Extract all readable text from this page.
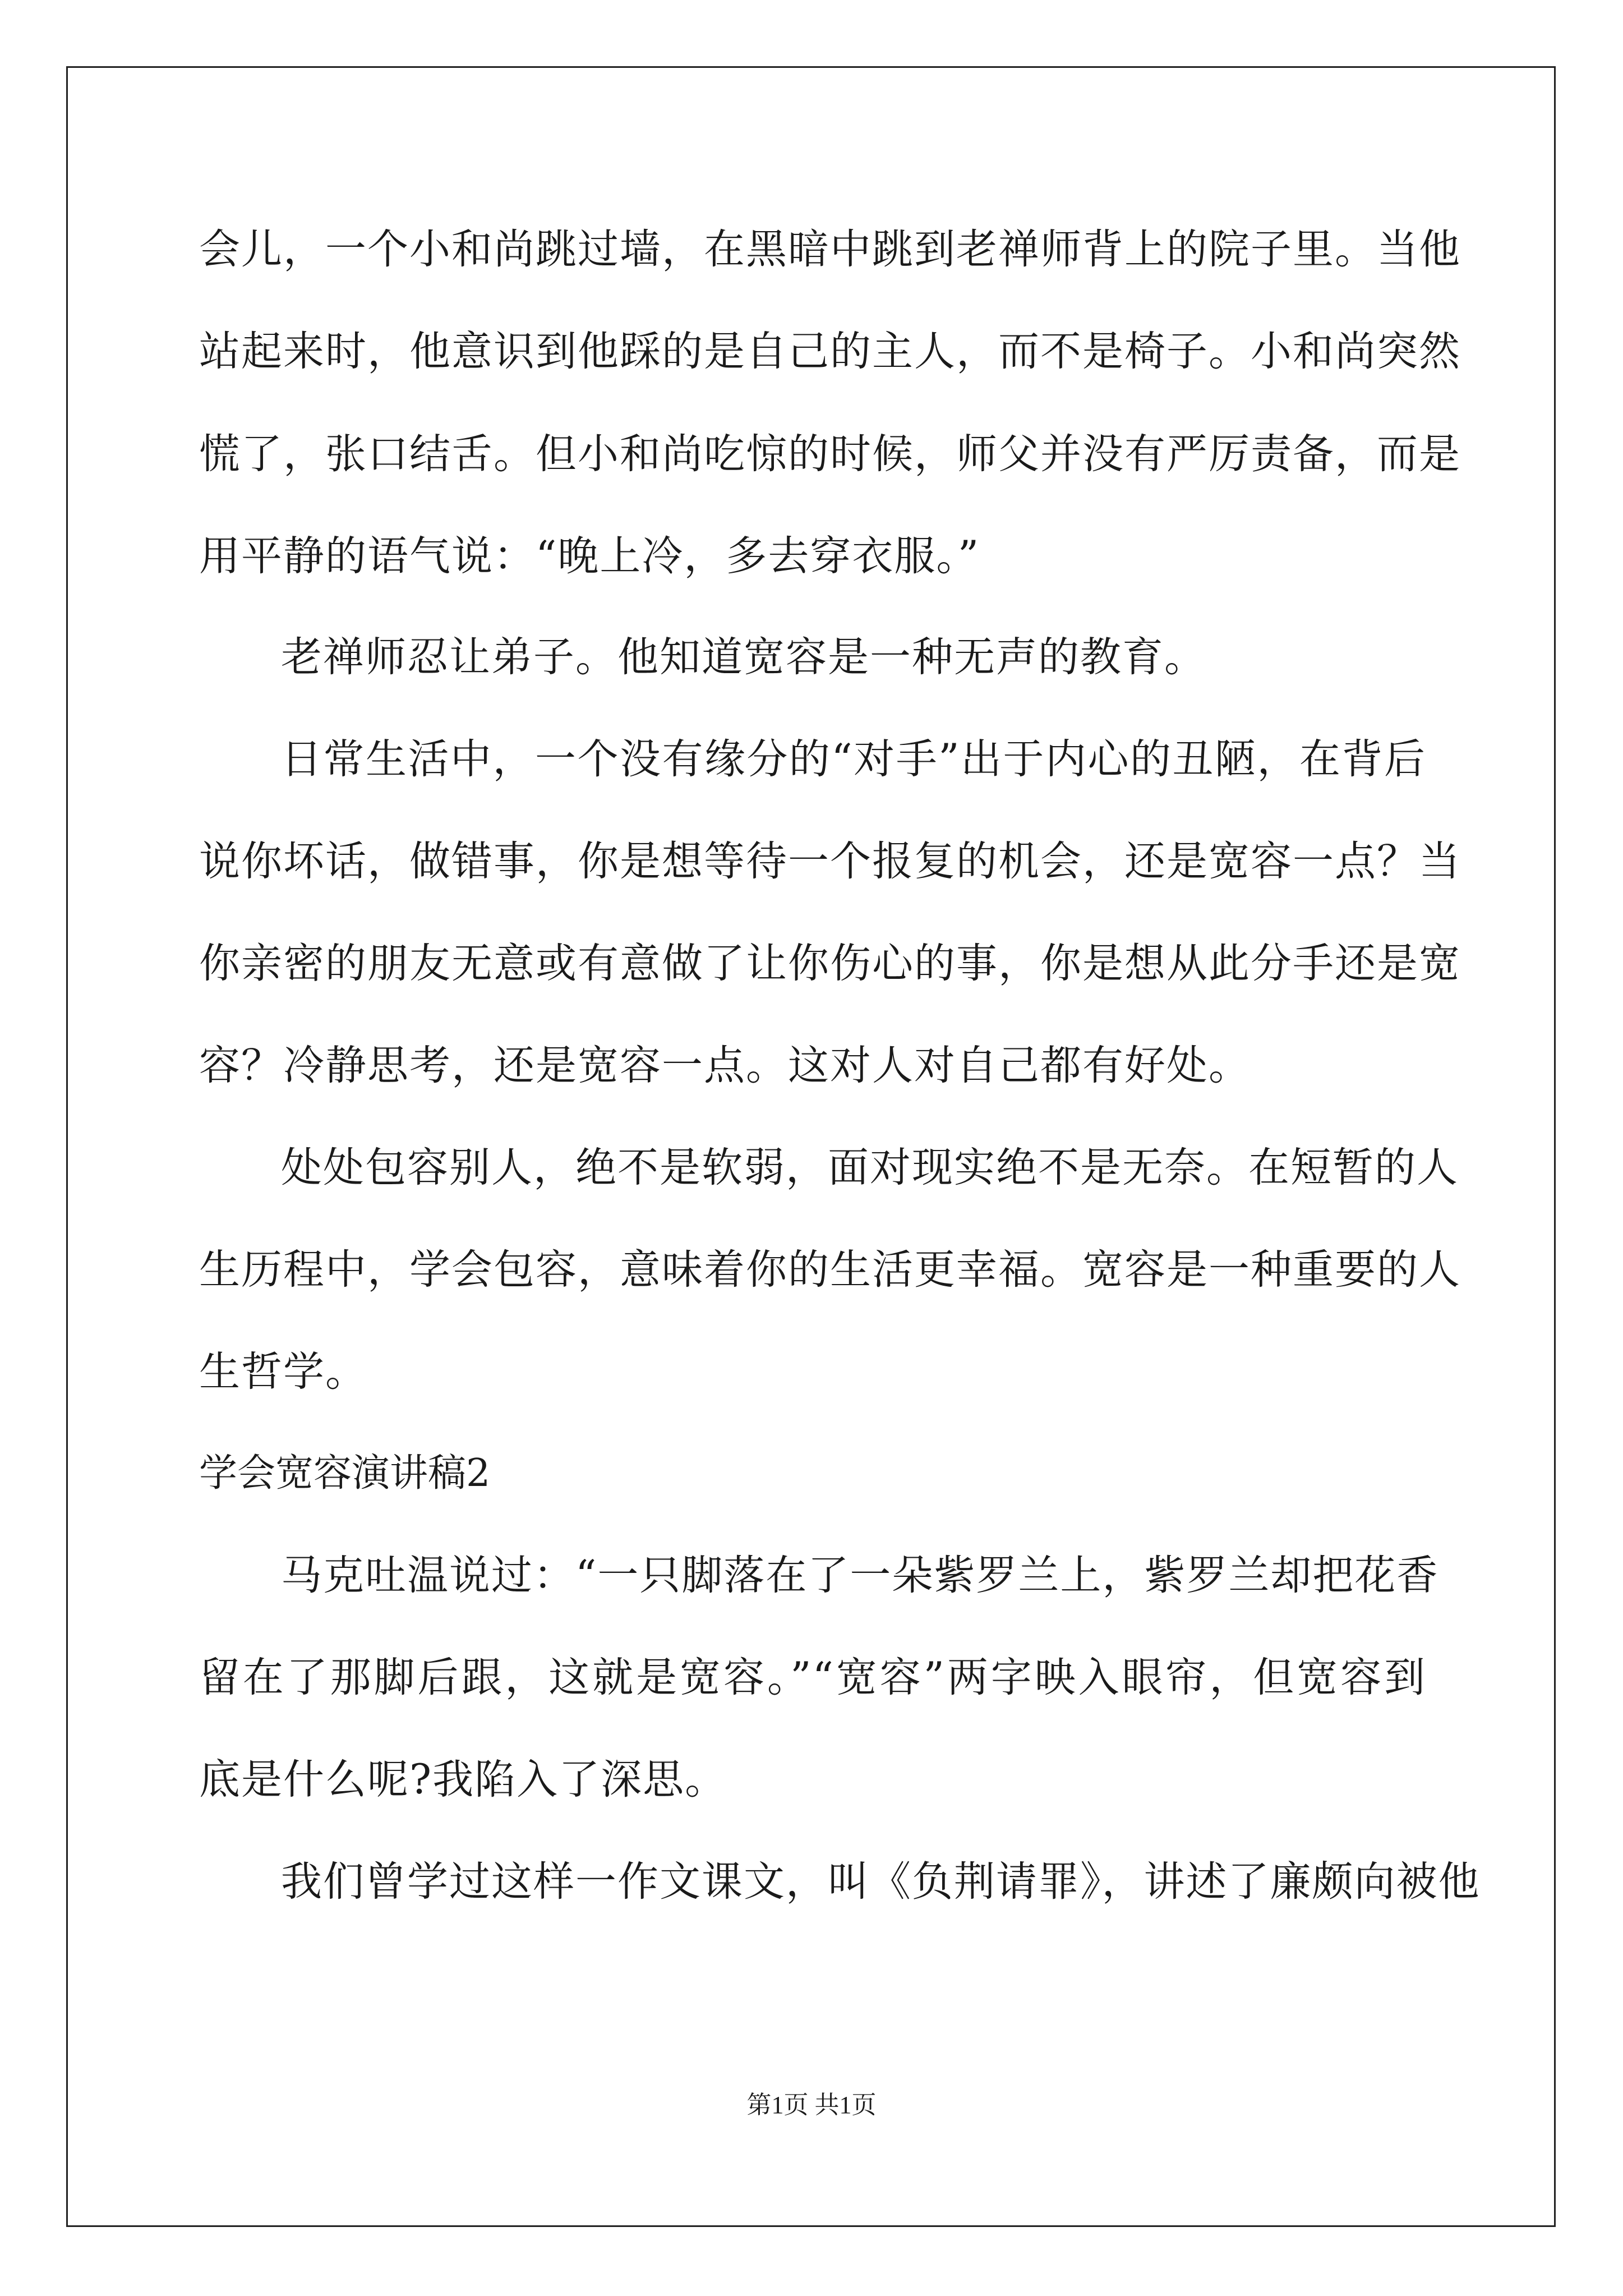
会儿，一个小和尚跳过墙，在黑暗中跳到老禅师背上的院子里。当他
站起来时，他意识到他踩的是自己的主人，而不是椅子。小和尚突然
慌了，张口结舌。但小和尚吃惊的时候，师父并没有严厉责备，而是
用平静的语气说：“晚上冷，多去穿衣服。”
老禅师忍让弟子。他知道宽容是一种无声的教育。
日常生活中，一个没有缘分的“对手”出于内心的丑陋，在背后
说你坏话，做错事，你是想等待一个报复的机会，还是宽容一点？当
你亲密的朋友无意或有意做了让你伤心的事，你是想从此分手还是宽
容？冷静思考，还是宽容一点。这对人对自己都有好处。
处处包容别人，绝不是软弱，面对现实绝不是无奈。在短暂的人
生历程中，学会包容，意味着你的生活更幸福。宽容是一种重要的人
生哲学。
学会宽容演讲稿2
马克吐温说过：“一只脚落在了一朵紫罗兰上，紫罗兰却把花香
留在了那脚后跟，这就是宽容。”“宽容”两字映入眼帘，但宽容到
底是什么呢?我陷入了深思。
我们曾学过这样一作文课文，叫《负荆请罪》，讲述了廉颇向被他
第1页 共1页
